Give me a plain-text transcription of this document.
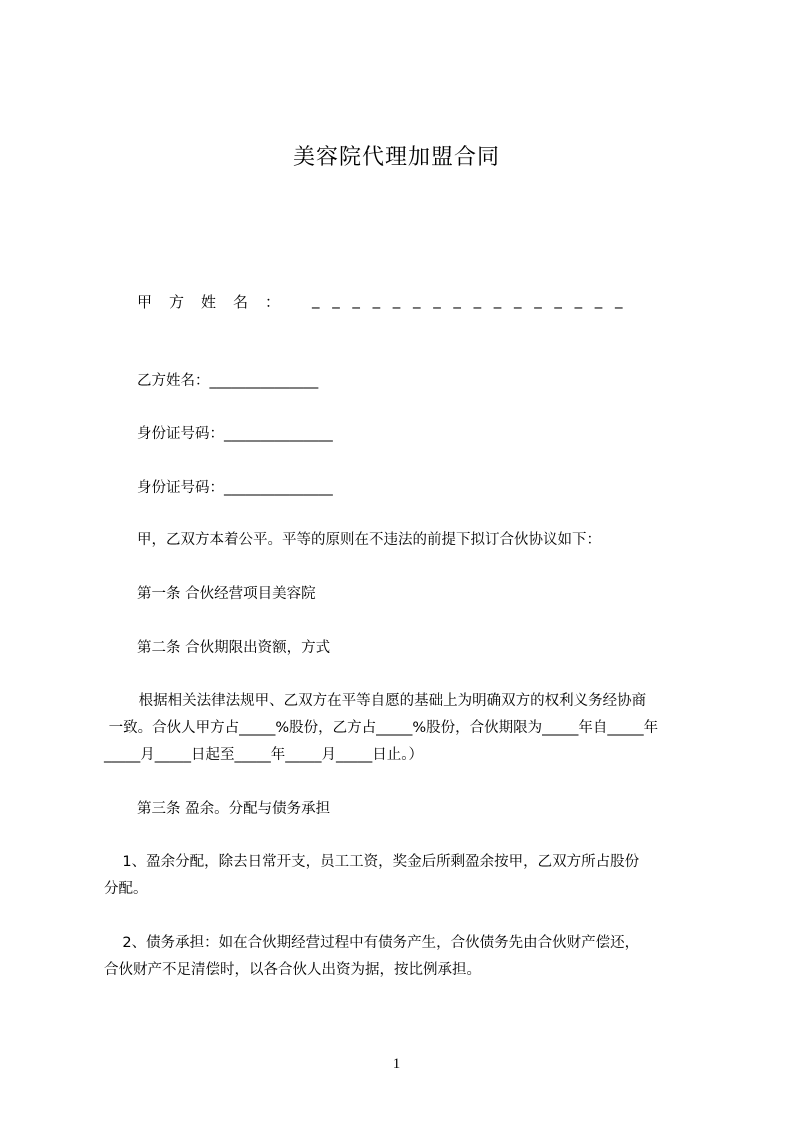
美容院代理加盟合同
甲方姓名： ________________
乙方姓名：_______________
身份证号码：_______________
身份证号码：_______________
甲，乙双方本着公平。平等的原则在不违法的前提下拟订合伙协议如下：
第一条 合伙经营项目美容院
第二条 合伙期限出资额，方式
根据相关法律法规甲、乙双方在平等自愿的基础上为明确双方的权利义务经协商
一致。合伙人甲方占_____%股份，乙方占_____%股份，合伙期限为_____年自_____年
_____月_____日起至_____年_____月_____日止。）
第三条 盈余。分配与债务承担
1、盈余分配，除去日常开支，员工工资，奖金后所剩盈余按甲，乙双方所占股份
分配。
2、债务承担：如在合伙期经营过程中有债务产生，合伙债务先由合伙财产偿还，
合伙财产不足清偿时，以各合伙人出资为据，按比例承担。
1
